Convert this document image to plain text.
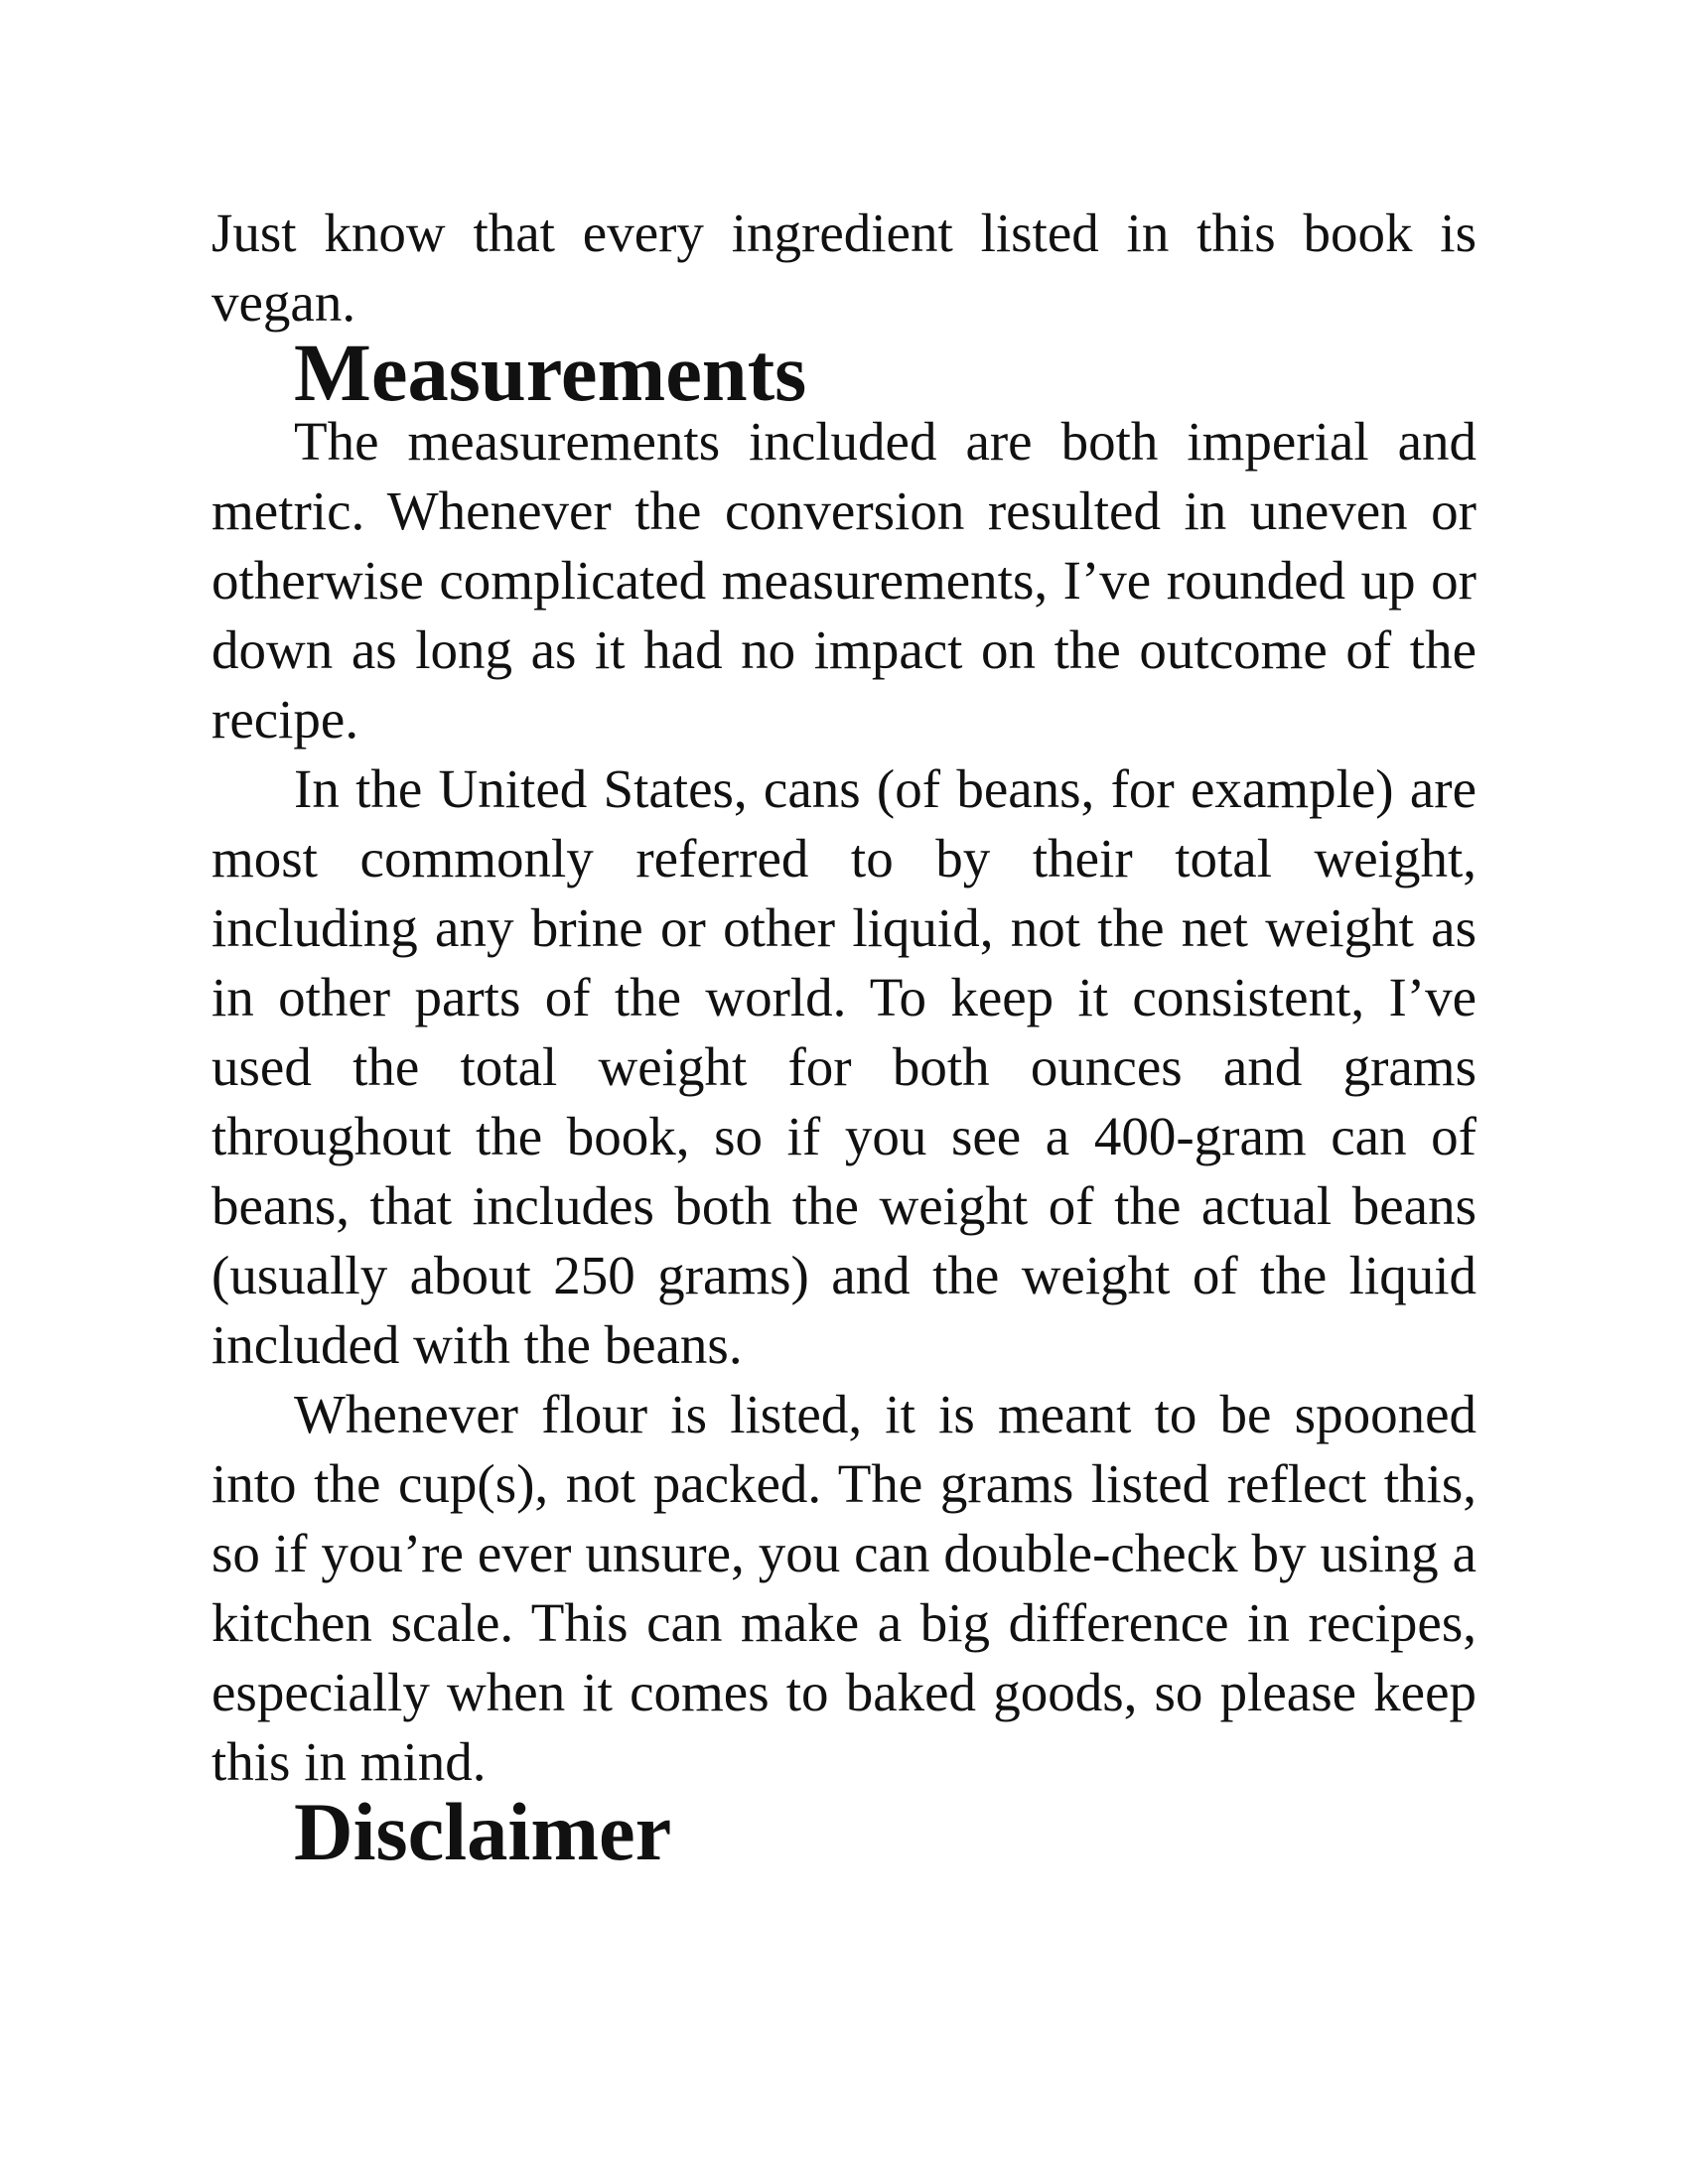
Just know that every ingredient listed in this book is vegan.

Measurements

The measurements included are both imperial and metric. Whenever the conversion resulted in uneven or otherwise complicated measurements, I’ve rounded up or down as long as it had no impact on the outcome of the recipe.

In the United States, cans (of beans, for example) are most commonly referred to by their total weight, including any brine or other liquid, not the net weight as in other parts of the world. To keep it consistent, I’ve used the total weight for both ounces and grams throughout the book, so if you see a 400-gram can of beans, that includes both the weight of the actual beans (usually about 250 grams) and the weight of the liquid included with the beans.

Whenever flour is listed, it is meant to be spooned into the cup(s), not packed. The grams listed reflect this, so if you’re ever unsure, you can double-check by using a kitchen scale. This can make a big difference in recipes, especially when it comes to baked goods, so please keep this in mind.

Disclaimer
